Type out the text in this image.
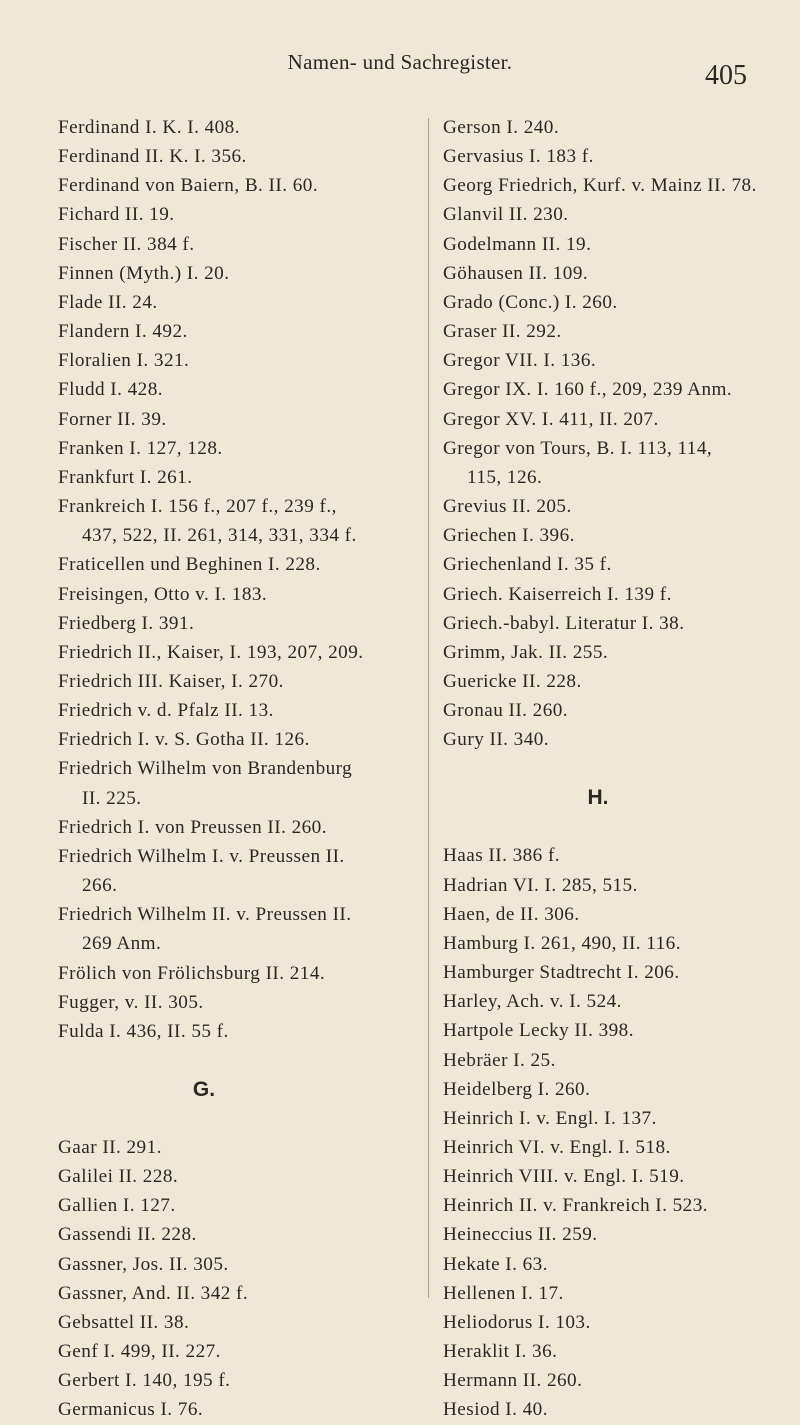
Namen- und Sachregister.	405
Ferdinand I. K. I. 408.
Ferdinand II. K. I. 356.
Ferdinand von Baiern, B. II. 60.
Fichard II. 19.
Fischer II. 384 f.
Finnen (Myth.) I. 20.
Flade II. 24.
Flandern I. 492.
Floralien I. 321.
Fludd I. 428.
Forner II. 39.
Franken I. 127, 128.
Frankfurt I. 261.
Frankreich I. 156 f., 207 f., 239 f.,
437, 522, II. 261, 314, 331, 334 f.
Fraticellen und Beghinen I. 228.
Freisingen, Otto v. I. 183.
Friedberg I. 391.
Friedrich II., Kaiser, I. 193, 207, 209.
Friedrich III. Kaiser, I. 270.
Friedrich v. d. Pfalz II. 13.
Friedrich I. v. S. Gotha II. 126.
Friedrich Wilhelm von Brandenburg
II. 225.
Friedrich I. von Preussen II. 260.
Friedrich Wilhelm I. v. Preussen II.
266.
Friedrich Wilhelm II. v. Preussen II.
269 Anm.
Frölich von Frölichsburg II. 214.
Fugger, v. II. 305.
Fulda I. 436, II. 55 f.
G.
Gaar II. 291.
Galilei II. 228.
Gallien I. 127.
Gassendi II. 228.
Gassner, Jos. II. 305.
Gassner, And. II. 342 f.
Gebsattel II. 38.
Genf I. 499, II. 227.
Gerbert I. 140, 195 f.
Germanicus I. 76.
Gerson I. 240.
Gervasius I. 183 f.
Georg Friedrich, Kurf. v. Mainz II. 78.
Glanvil II. 230.
Godelmann II. 19.
Göhausen II. 109.
Grado (Conc.) I. 260.
Graser II. 292.
Gregor VII. I. 136.
Gregor IX. I. 160 f., 209, 239 Anm.
Gregor XV. I. 411, II. 207.
Gregor von Tours, B. I. 113, 114,
115, 126.
Grevius II. 205.
Griechen I. 396.
Griechenland I. 35 f.
Griech. Kaiserreich I. 139 f.
Griech.-babyl. Literatur I. 38.
Grimm, Jak. II. 255.
Guericke II. 228.
Gronau II. 260.
Gury II. 340.
H.
Haas II. 386 f.
Hadrian VI. I. 285, 515.
Haen, de II. 306.
Hamburg I. 261, 490, II. 116.
Hamburger Stadtrecht I. 206.
Harley, Ach. v. I. 524.
Hartpole Lecky II. 398.
Hebräer I. 25.
Heidelberg I. 260.
Heinrich I. v. Engl. I. 137.
Heinrich VI. v. Engl. I. 518.
Heinrich VIII. v. Engl. I. 519.
Heinrich II. v. Frankreich I. 523.
Heineccius II. 259.
Hekate I. 63.
Hellenen I. 17.
Heliodorus I. 103.
Heraklit I. 36.
Hermann II. 260.
Hesiod I. 40.
